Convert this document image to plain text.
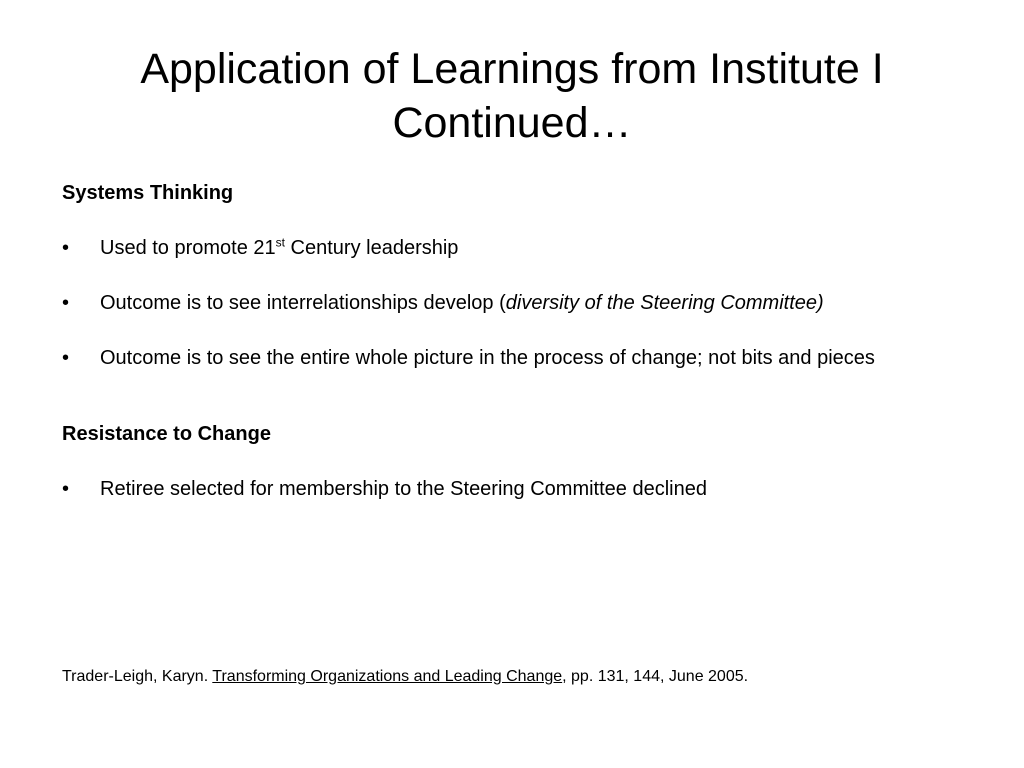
Application of Learnings from Institute I Continued…
Systems Thinking
• Used to promote 21st Century leadership
• Outcome is to see interrelationships develop (diversity of the Steering Committee)
• Outcome is to see the entire whole picture in the process of change; not bits and pieces
Resistance to Change
• Retiree selected for membership to the Steering Committee declined
Trader-Leigh, Karyn. Transforming Organizations and Leading Change, pp. 131, 144, June 2005.
